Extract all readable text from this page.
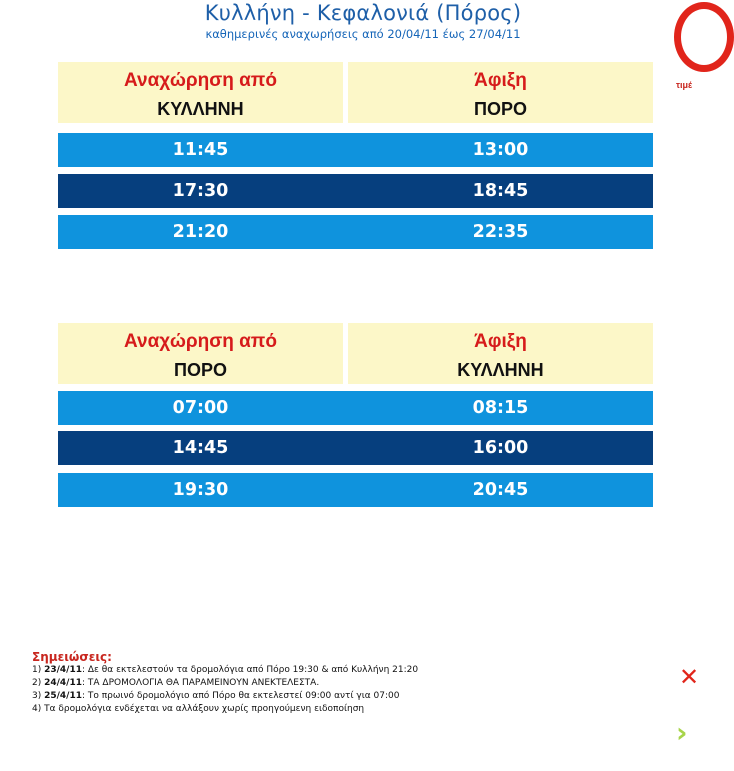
Κυλλήνη - Κεφαλονιά (Πόρος)
καθημερινές αναχωρήσεις από 20/04/11 έως 27/04/11
Αναχώρηση από
ΚΥΛΛΗΝΗ
Άφιξη
ΠΟΡΟ
11:45	13:00
17:30	18:45
21:20	22:35
Αναχώρηση από
ΠΟΡΟ
Άφιξη
ΚΥΛΛΗΝΗ
07:00	08:15
14:45	16:00
19:30	20:45
Σημειώσεις:
1) 23/4/11: Δε θα εκτελεστούν τα δρομολόγια από Πόρο 19:30 & από Κυλλήνη 21:20
2) 24/4/11: ΤΑ ΔΡΟΜΟΛΟΓΙΑ ΘΑ ΠΑΡΑΜΕΙΝΟΥΝ ΑΝΕΚΤΕΛΕΣΤΑ.
3) 25/4/11: Το πρωινό δρομολόγιο από Πόρο θα εκτελεστεί 09:00 αντί για 07:00
4) Τα δρομολόγια ενδέχεται να αλλάξουν χωρίς προηγούμενη ειδοποίηση
τιμέ
✕
›
